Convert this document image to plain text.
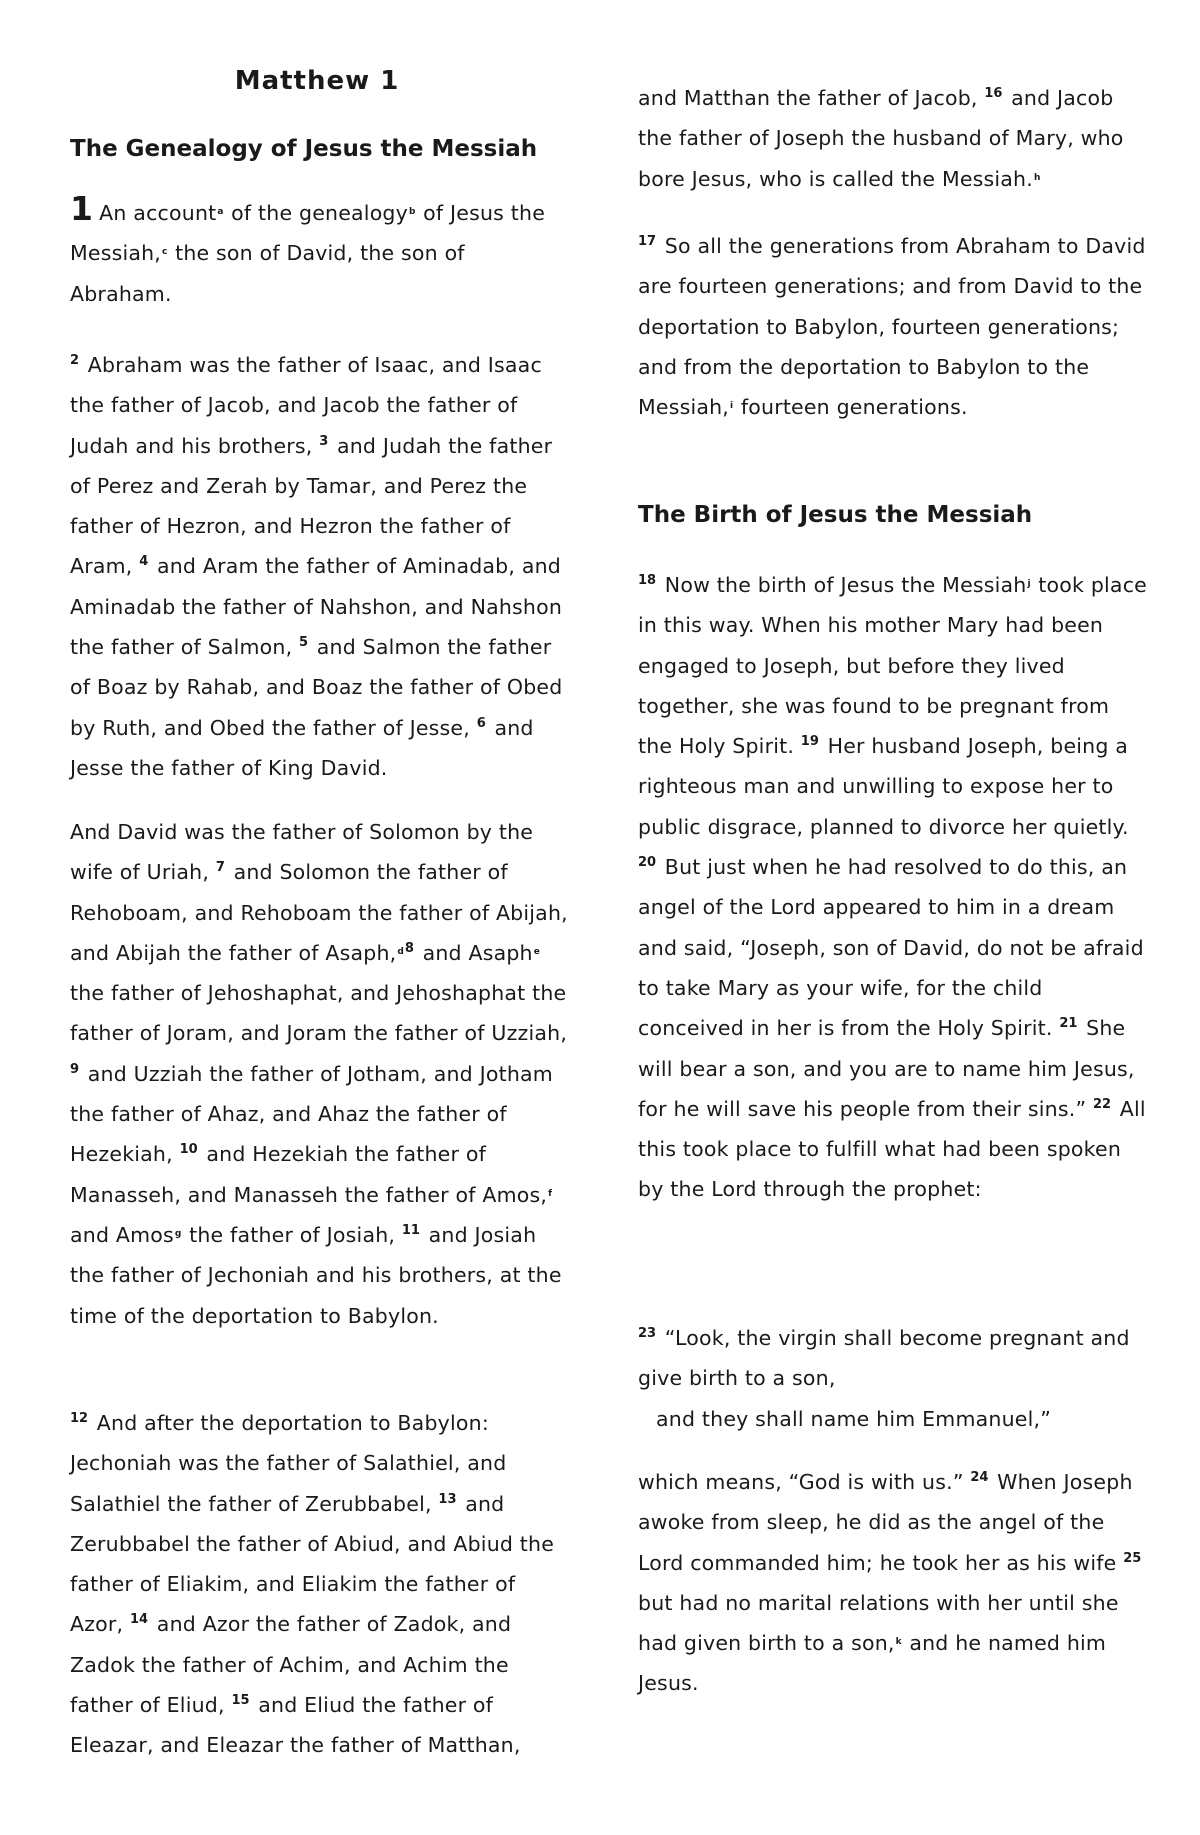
Matthew 1
The Genealogy of Jesus the Messiah

1 An accounta of the genealogyb of Jesus the Messiah,c the son of David, the son of Abraham.

$^2$ Abraham was the father of Isaac, and Isaac the father of Jacob, and Jacob the father of Judah and his brothers, $^3$ and Judah the father of Perez and Zerah by Tamar, and Perez the father of Hezron, and Hezron the father of Aram, $^4$ and Aram the father of Aminadab, and Aminadab the father of Nahshon, and Nahshon the father of Salmon, $^5$ and Salmon the father of Boaz by Rahab, and Boaz the father of Obed by Ruth, and Obed the father of Jesse, $^6$ and Jesse the father of King David.

And David was the father of Solomon by the wife of Uriah, $^7$ and Solomon the father of Rehoboam, and Rehoboam the father of Abijah, and Abijah the father of $Asaph,d^8$ and Asaphe the father of Jehoshaphat, and Jehoshaphat the father of Joram, and Joram the father of Uzziah, $^9$ and Uzziah the father of Jotham, and Jotham the father of Ahaz, and Ahaz the father of Hezekiah, $^{10}$ and Hezekiah the father of Manasseh, and Manasseh the father of Amos,f and Amosg the father of Josiah, $^{11}$ and Josiah the father of Jechoniah and his brothers, at the time of the deportation to Babylon.

$^{12}$ And after the deportation to Babylon: Jechoniah was the father of Salathiel, and Salathiel the father of Zerubbabel, $^{13}$ and Zerubbabel the father of Abiud, and Abiud the father of Eliakim, and Eliakim the father of Azor, $^{14}$ and Azor the father of Zadok, and Zadok the father of Achim, and Achim the father of Eliud, $^{15}$ and Eliud the father of Eleazar, and Eleazar the father of Matthan,

and Matthan the father of Jacob, $^{16}$ and Jacob the father of Joseph the husband of Mary, who bore Jesus, who is called the Messiah.h

$^{17}$ So all the generations from Abraham to David are fourteen generations; and from David to the deportation to Babylon, fourteen generations; and from the deportation to Babylon to the Messiah,i fourteen generations.

The Birth of Jesus the Messiah

$^{18}$ Now the birth of Jesus the Messiahj took place in this way. When his mother Mary had been engaged to Joseph, but before they lived together, she was found to be pregnant from the Holy Spirit. $^{19}$ Her husband Joseph, being a righteous man and unwilling to expose her to public disgrace, planned to divorce her quietly. $^{20}$ But just when he had resolved to do this, an angel of the Lord appeared to him in a dream and said, “Joseph, son of David, do not be afraid to take Mary as your wife, for the child conceived in her is from the Holy Spirit. $^{21}$ She will bear a son, and you are to name him Jesus, for he will save his people from their sins.” $^{22}$ All this took place to fulfill what had been spoken by the Lord through the prophet:

$^{23}$ “Look, the virgin shall become pregnant and give birth to a son,
and they shall name him Emmanuel,”

which means, “God is with us.” $^{24}$ When Joseph awoke from sleep, he did as the angel of the Lord commanded him; he took her as his wife $^{25}$ but had no marital relations with her until she had given birth to a son,k and he named him Jesus.
